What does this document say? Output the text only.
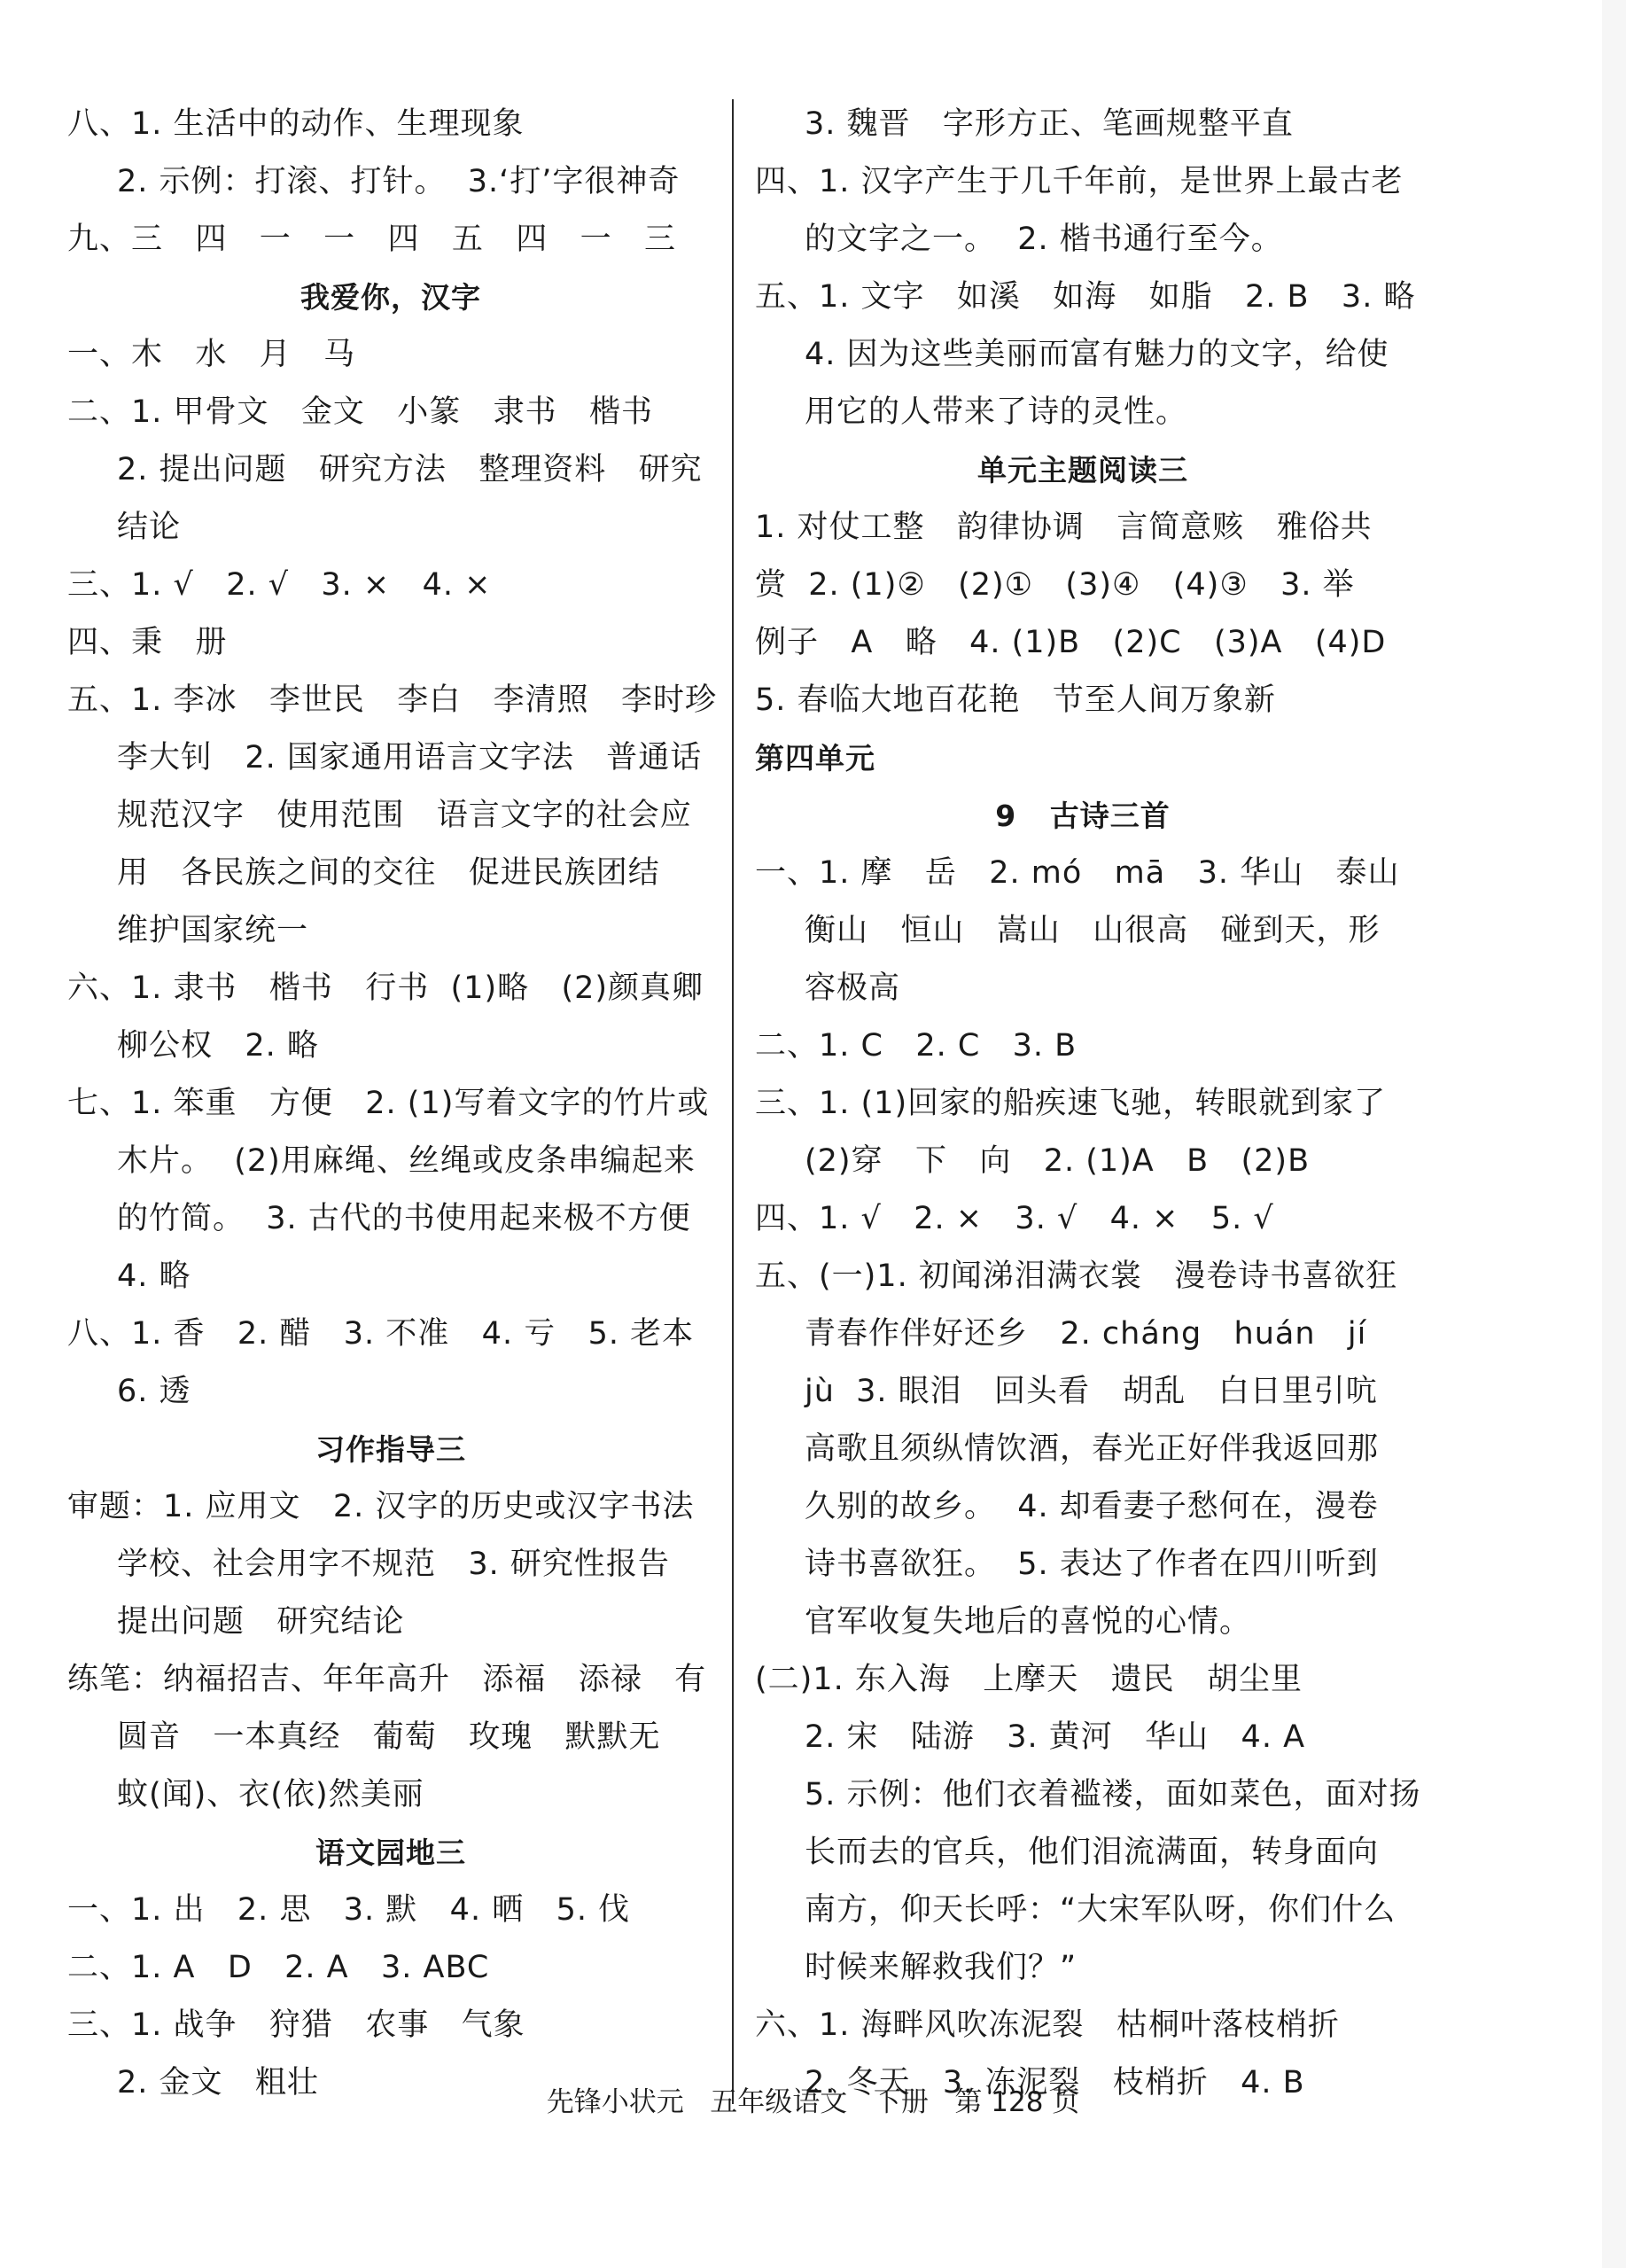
八、1. 生活中的动作、生理现象
2. 示例：打滚、打针。  3.‘打’字很神奇
九、三   四   一   一   四   五   四   一   三
我爱你，汉字
一、木   水   月   马
二、1. 甲骨文   金文   小篆   隶书   楷书
2. 提出问题   研究方法   整理资料   研究
结论
三、1. √   2. √   3. ×   4. ×
四、秉   册
五、1. 李冰   李世民   李白   李清照   李时珍
李大钊   2. 国家通用语言文字法   普通话
规范汉字   使用范围   语言文字的社会应
用   各民族之间的交往   促进民族团结
维护国家统一
六、1. 隶书   楷书   行书  (1)略   (2)颜真卿
柳公权   2. 略
七、1. 笨重   方便   2. (1)写着文字的竹片或
木片。  (2)用麻绳、丝绳或皮条串编起来
的竹简。  3. 古代的书使用起来极不方便
4. 略
八、1. 香   2. 醋   3. 不准   4. 亏   5. 老本
6. 透
习作指导三
审题：1. 应用文   2. 汉字的历史或汉字书法
学校、社会用字不规范   3. 研究性报告
提出问题   研究结论
练笔：纳福招吉、年年高升   添福   添禄   有
圆音   一本真经   葡萄   玫瑰   默默无
蚊(闻)、衣(依)然美丽
语文园地三
一、1. 出   2. 思   3. 默   4. 晒   5. 伐
二、1. A   D   2. A   3. ABC
三、1. 战争   狩猎   农事   气象
2. 金文   粗壮
3. 魏晋   字形方正、笔画规整平直
四、1. 汉字产生于几千年前，是世界上最古老
的文字之一。  2. 楷书通行至今。
五、1. 文字   如溪   如海   如脂   2. B   3. 略
4. 因为这些美丽而富有魅力的文字，给使
用它的人带来了诗的灵性。
单元主题阅读三
1. 对仗工整   韵律协调   言简意赅   雅俗共
赏  2. (1)②   (2)①   (3)④   (4)③   3. 举
例子   A   略   4. (1)B   (2)C   (3)A   (4)D
5. 春临大地百花艳   节至人间万象新
第四单元
9   古诗三首
一、1. 摩   岳   2. mó   mā   3. 华山   泰山
衡山   恒山   嵩山   山很高   碰到天，形
容极高
二、1. C   2. C   3. B
三、1. (1)回家的船疾速飞驰，转眼就到家了
(2)穿   下   向   2. (1)A   B   (2)B
四、1. √   2. ×   3. √   4. ×   5. √
五、(一)1. 初闻涕泪满衣裳   漫卷诗书喜欲狂
青春作伴好还乡   2. cháng   huán   jí
jù  3. 眼泪   回头看   胡乱   白日里引吭
高歌且须纵情饮酒，春光正好伴我返回那
久别的故乡。  4. 却看妻子愁何在，漫卷
诗书喜欲狂。  5. 表达了作者在四川听到
官军收复失地后的喜悦的心情。
(二)1. 东入海   上摩天   遗民   胡尘里
2. 宋   陆游   3. 黄河   华山   4. A
5. 示例：他们衣着褴褛，面如菜色，面对扬
长而去的官兵，他们泪流满面，转身面向
南方，仰天长呼：“大宋军队呀，你们什么
时候来解救我们？”
六、1. 海畔风吹冻泥裂   枯桐叶落枝梢折
2. 冬天   3. 冻泥裂   枝梢折   4. B
先锋小状元   五年级语文   下册   第 128 页
